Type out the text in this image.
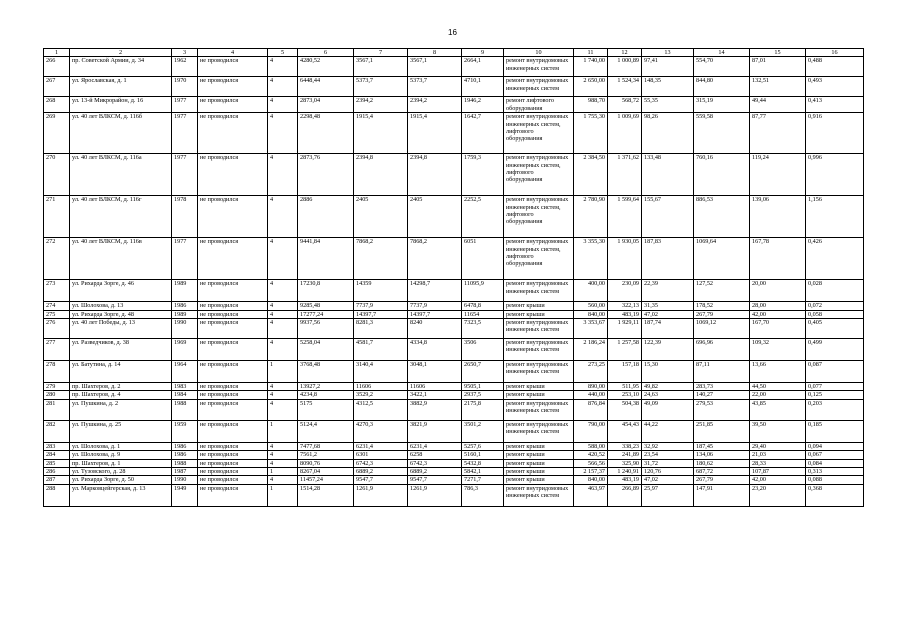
16
1	2	3	4	5	6	7	8	9	10	11	12	13	14	15	16
266	пр. Советской Армии, д. 34	1962	не проводился	4	4280,52	3567,1	3567,1	2664,1	ремонт внутридомовых инженерных систем	1 740,00	1 000,89	97,41	554,70	87,01	0,488
267	ул. Ярославская, д. 1	1970	не проводился	4	6448,44	5373,7	5373,7	4710,1	ремонт внутридомовых инженерных систем	2 650,00	1 524,34	148,35	844,80	132,51	0,493
268	ул. 13-й Микрорайон, д. 16	1977	не проводился	4	2873,04	2394,2	2394,2	1946,2	ремонт лифтового оборудования	988,70	568,72	55,35	315,19	49,44	0,413
269	ул. 40 лет ВЛКСМ, д. 116б	1977	не проводился	4	2298,48	1915,4	1915,4	1642,7	ремонт внутридомовых инженерных систем, лифтового оборудования	1 755,30	1 009,69	98,26	559,58	87,77	0,916
270	ул. 40 лет ВЛКСМ, д. 116а	1977	не проводился	4	2873,76	2394,8	2394,8	1759,3	ремонт внутридомовых инженерных систем, лифтового оборудования	2 384,50	1 371,62	133,48	760,16	119,24	0,996
271	ул. 40 лет ВЛКСМ, д. 116г	1978	не проводился	4	2886	2405	2405	2252,5	ремонт внутридомовых инженерных систем, лифтового оборудования	2 780,90	1 599,64	155,67	886,53	139,06	1,156
272	ул. 40 лет ВЛКСМ, д. 116в	1977	не проводился	4	9441,84	7868,2	7868,2	6051	ремонт внутридомовых инженерных систем, лифтового оборудования	3 355,30	1 930,05	187,83	1069,64	167,78	0,426
273	ул. Рихарда Зорге, д. 46	1989	не проводился	4	17230,8	14359	14298,7	11095,9	ремонт внутридомовых инженерных систем	400,00	230,09	22,39	127,52	20,00	0,028
274	ул. Шолохова, д. 13	1986	не проводился	4	9285,48	7737,9	7737,9	6478,8	ремонт крыши	560,00	322,13	31,35	178,52	28,00	0,072
275	ул. Рихарда Зорге, д. 48	1989	не проводился	4	17277,24	14397,7	14397,7	11654	ремонт крыши	840,00	483,19	47,02	267,79	42,00	0,058
276	ул. 40 лет Победы, д. 13	1990	не проводился	4	9937,56	8281,3	8240	7323,5	ремонт внутридомовых инженерных систем	3 353,67	1 929,11	187,74	1069,12	167,70	0,405
277	ул. Разведчиков, д. 38	1969	не проводился	4	5258,04	4581,7	4334,8	3506	ремонт внутридомовых инженерных систем	2 186,24	1 257,58	122,39	696,96	109,32	0,499
278	ул. Батутина, д. 14	1964	не проводился	1	3768,48	3140,4	3048,1	2650,7	ремонт внутридомовых инженерных систем	273,25	157,18	15,30	87,11	13,66	0,087
279	пр. Шахтеров, д. 2	1983	не проводился	4	13927,2	11606	11606	9505,1	ремонт крыши	890,00	511,95	49,82	283,73	44,50	0,077
280	пр. Шахтеров, д. 4	1984	не проводился	4	4234,8	3529,2	3422,1	2937,5	ремонт крыши	440,00	253,10	24,63	140,27	22,00	0,125
281	ул. Пушкина, д. 2	1988	не проводился	4	5175	4312,5	3882,9	2175,8	ремонт внутридомовых инженерных систем	876,84	504,38	49,09	279,53	43,85	0,203
282	ул. Пушкина, д. 25	1959	не проводился	1	5124,4	4270,3	3821,9	3501,2	ремонт внутридомовых инженерных систем	790,00	454,43	44,22	251,85	39,50	0,185
283	ул. Шолохова, д. 1	1986	не проводился	4	7477,68	6231,4	6231,4	5257,6	ремонт крыши	588,00	338,23	32,92	187,45	29,40	0,094
284	ул. Шолохова, д. 9	1986	не проводился	4	7561,2	6301	6258	5160,1	ремонт крыши	420,52	241,89	23,54	134,06	21,03	0,067
285	пр. Шахтеров, д. 1	1988	не проводился	4	8090,76	6742,3	6742,3	5432,8	ремонт крыши	566,56	325,90	31,72	180,62	28,33	0,084
286	ул. Тузовского, д. 28	1987	не проводился	1	8267,04	6889,2	6889,2	5842,1	ремонт крыши	2 157,37	1 240,91	120,76	687,72	107,87	0,313
287	ул. Рихарда Зорге, д. 50	1990	не проводился	4	11457,24	9547,7	9547,7	7271,7	ремонт крыши	840,00	483,19	47,02	267,79	42,00	0,088
288	ул. Марковцейгерская, д. 13	1949	не проводился	1	1514,28	1261,9	1261,9	786,3	ремонт внутридомовых инженерных систем	463,97	266,89	25,97	147,91	23,20	0,368
